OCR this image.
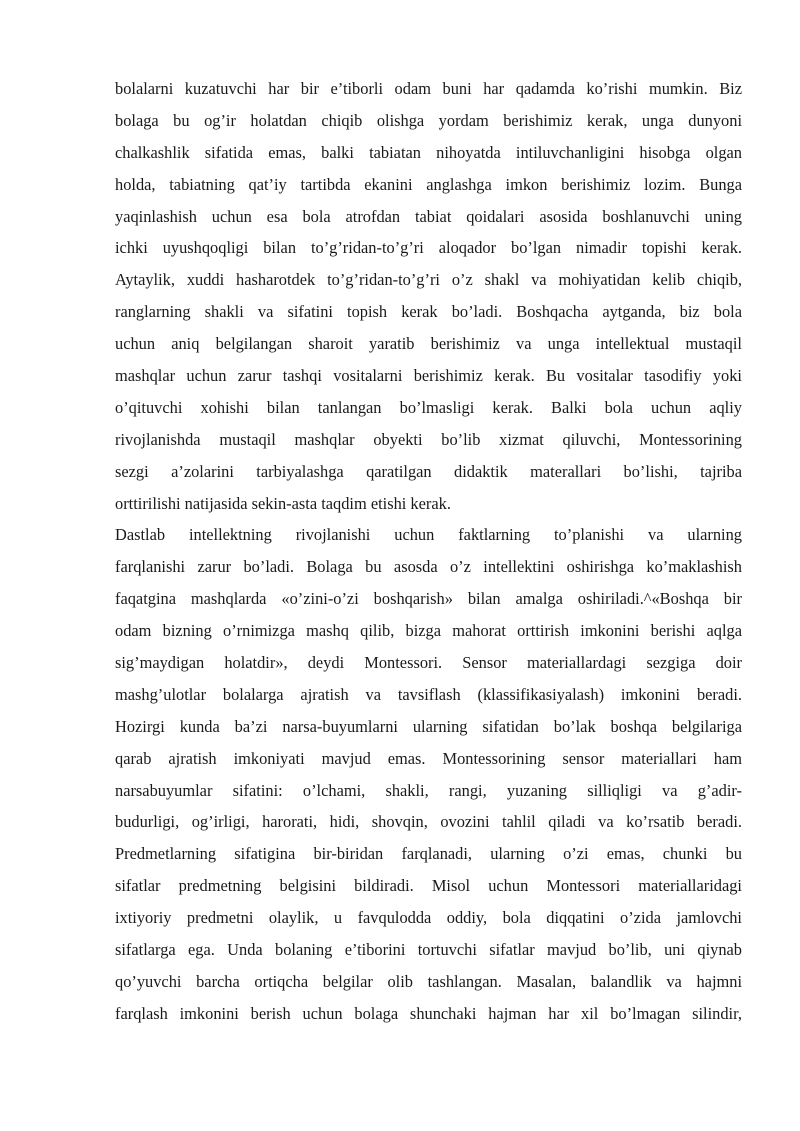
bolalarni kuzatuvchi har bir e’tiborli odam buni har qadamda ko’rishi mumkin. Biz
bolaga bu og’ir holatdan chiqib olishga yordam berishimiz kerak, unga dunyoni
chalkashlik sifatida emas, balki tabiatan nihoyatda intiluvchanligini hisobga olgan
holda, tabiatning qat’iy tartibda ekanini anglashga imkon berishimiz lozim. Bunga
yaqinlashish uchun esa bola atrofdan tabiat qoidalari asosida boshlanuvchi uning
ichki uyushqoqligi bilan to’g’ridan-to’g’ri aloqador bo’lgan nimadir topishi kerak.
Aytaylik, xuddi hasharotdek to’g’ridan-to’g’ri o’z shakl va mohiyatidan kelib chiqib,
ranglarning shakli va sifatini topish kerak bo’ladi. Boshqacha aytganda, biz bola
uchun aniq belgilangan sharoit yaratib berishimiz va unga intellektual mustaqil
mashqlar uchun zarur tashqi vositalarni berishimiz kerak. Bu vositalar tasodifiy yoki
o’qituvchi xohishi bilan tanlangan bo’lmasligi kerak. Balki bola uchun aqliy
rivojlanishda mustaqil mashqlar obyekti bo’lib xizmat qiluvchi, Montessorining
sezgi a’zolarini tarbiyalashga qaratilgan didaktik materallari bo’lishi, tajriba
orttirilishi natijasida sekin-asta taqdim etishi kerak.
Dastlab intellektning rivojlanishi uchun faktlarning to’planishi va ularning
farqlanishi zarur bo’ladi. Bolaga bu asosda o’z intellektini oshirishga ko’maklashish
faqatgina mashqlarda «o’zini-o’zi boshqarish» bilan amalga oshiriladi.^«Boshqa bir
odam bizning o’rnimizga mashq qilib, bizga mahorat orttirish imkonini berishi aqlga
sig’maydigan holatdir», deydi Montessori. Sensor materiallardagi sezgiga doir
mashg’ulotlar bolalarga ajratish va tavsiflash (klassifikasiyalash) imkonini beradi.
Hozirgi kunda ba’zi narsa-buyumlarni ularning sifatidan bo’lak boshqa belgilariga
qarab ajratish imkoniyati mavjud emas. Montessorining sensor materiallari ham
narsabuyumlar sifatini: o’lchami, shakli, rangi, yuzaning silliqligi va g’adir-
budurligi, og’irligi, harorati, hidi, shovqin, ovozini tahlil qiladi va ko’rsatib beradi.
Predmetlarning sifatigina bir-biridan farqlanadi, ularning o’zi emas, chunki bu
sifatlar predmetning belgisini bildiradi. Misol uchun Montessori materiallaridagi
ixtiyoriy predmetni olaylik, u favqulodda oddiy, bola diqqatini o’zida jamlovchi
sifatlarga ega. Unda bolaning e’tiborini tortuvchi sifatlar mavjud bo’lib, uni qiynab
qo’yuvchi barcha ortiqcha belgilar olib tashlangan. Masalan, balandlik va hajmni
farqlash imkonini berish uchun bolaga shunchaki hajman har xil bo’lmagan silindir,
